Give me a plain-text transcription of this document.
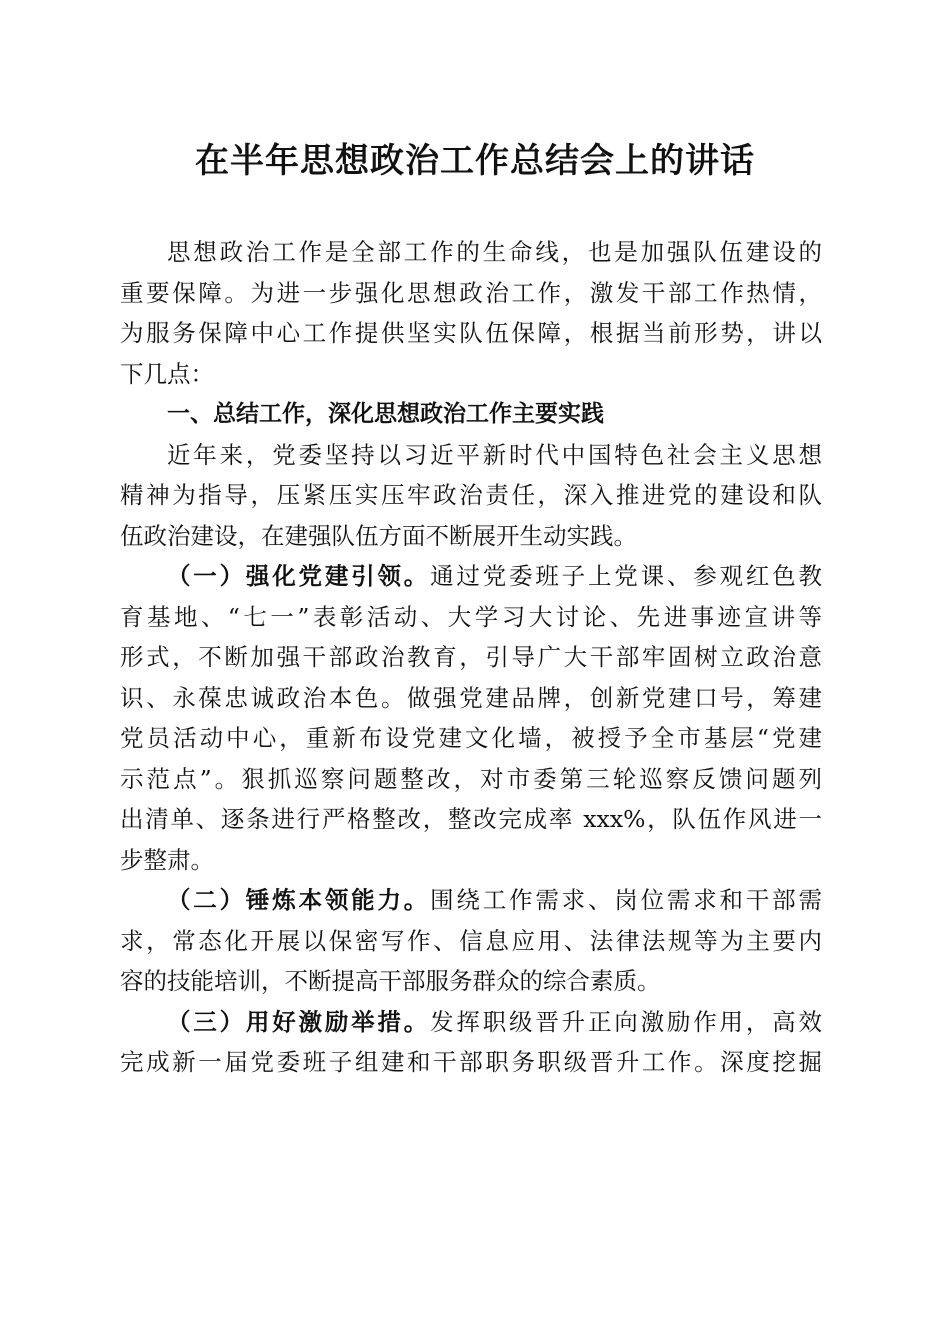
在半年思想政治工作总结会上的讲话
思想政治工作是全部工作的生命线，也是加强队伍建设的
重要保障。为进一步强化思想政治工作，激发干部工作热情，
为服务保障中心工作提供坚实队伍保障，根据当前形势，讲以
下几点：
一、总结工作，深化思想政治工作主要实践
近年来，党委坚持以习近平新时代中国特色社会主义思想
精神为指导，压紧压实压牢政治责任，深入推进党的建设和队
伍政治建设，在建强队伍方面不断展开生动实践。
（一）强化党建引领。通过党委班子上党课、参观红色教
育基地、“七一”表彰活动、大学习大讨论、先进事迹宣讲等
形式，不断加强干部政治教育，引导广大干部牢固树立政治意
识、永葆忠诚政治本色。做强党建品牌，创新党建口号，筹建
党员活动中心，重新布设党建文化墙，被授予全市基层“党建
示范点”。狠抓巡察问题整改，对市委第三轮巡察反馈问题列
出清单、逐条进行严格整改，整改完成率 xxx%，队伍作风进一
步整肃。
（二）锤炼本领能力。围绕工作需求、岗位需求和干部需
求，常态化开展以保密写作、信息应用、法律法规等为主要内
容的技能培训，不断提高干部服务群众的综合素质。
（三）用好激励举措。发挥职级晋升正向激励作用，高效
完成新一届党委班子组建和干部职务职级晋升工作。深度挖掘
